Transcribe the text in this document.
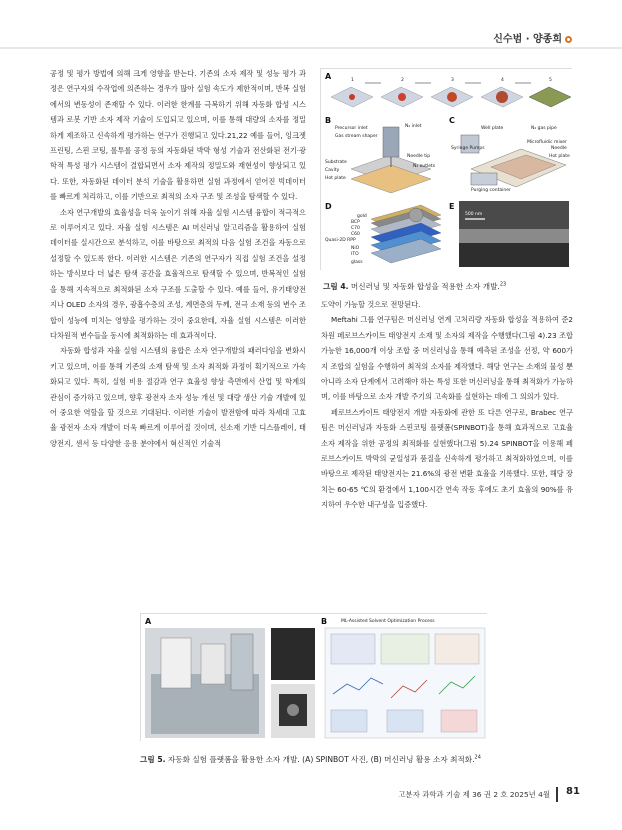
신수범 · 양종희

공정 및 평가 방법에 의해 크게 영향을 받는다. 기존의 소자 제작 및 성능 평가 과정은 연구자의 수작업에 의존하는 경우가 많아 실험 속도가 제한적이며, 반복 실험에서의 변동성이 존재할 수 있다. 이러한 한계를 극복하기 위해 자동화 합성 시스템과 로봇 기반 소자 제작 기술이 도입되고 있으며, 이를 통해 대량의 소자를 정밀하게 제조하고 신속하게 평가하는 연구가 진행되고 있다.21,22 예를 들어, 잉크젯 프린팅, 스핀 코팅, 롤투롤 공정 등의 자동화된 박막 형성 기술과 전산화된 전기·광학적 특성 평가 시스템이 결합되면서 소자 제작의 정밀도와 재현성이 향상되고 있다. 또한, 자동화된 데이터 분석 기술을 활용하면 실험 과정에서 얻어진 빅데이터를 빠르게 처리하고, 이를 기반으로 최적의 소자 구조 및 조성을 탐색할 수 있다.

소자 연구개발의 효율성을 더욱 높이기 위해 자율 실험 시스템 융합이 적극적으로 이루어지고 있다. 자율 실험 시스템은 AI 머신러닝 알고리즘을 활용하여 실험 데이터를 실시간으로 분석하고, 이를 바탕으로 최적의 다음 실험 조건을 자동으로 설정할 수 있도록 한다. 이러한 시스템은 기존의 연구자가 직접 실험 조건을 설정하는 방식보다 더 넓은 탐색 공간을 효율적으로 탐색할 수 있으며, 반복적인 실험을 통해 지속적으로 최적화된 소자 구조를 도출할 수 있다. 예를 들어, 유기태양전지나 OLED 소자의 경우, 광흡수층의 조성, 계면층의 두께, 전극 소재 등의 변수 조합이 성능에 미치는 영향을 평가하는 것이 중요한데, 자율 실험 시스템은 이러한 다차원적 변수들을 동시에 최적화하는 데 효과적이다.

자동화 합성과 자율 실험 시스템의 융합은 소자 연구개발의 패러다임을 변화시키고 있으며, 이를 통해 기존의 소재 탐색 및 소자 최적화 과정이 획기적으로 가속화되고 있다. 특히, 실험 비용 절감과 연구 효율성 향상 측면에서 산업 및 학계의 관심이 증가하고 있으며, 향후 광전자 소자 성능 개선 및 대량 생산 기술 개발에 있어 중요한 역할을 할 것으로 기대된다. 이러한 기술이 발전함에 따라 차세대 고효율 광전자 소자 개발이 더욱 빠르게 이루어질 것이며, 신소재 기반 디스플레이, 태양전지, 센서 등 다양한 응용 분야에서 혁신적인 기술적

A	1	2	3	4	5
B
Precursor inlet	N₂ inlet
Gas stream shaper
Substrate
Cavity
Hot plate
Needle tip
N₂ outlets
C
N₂ gas pipe
Well plate
Microfluidic mixer
Syringe Pumps	Needle
Hot plate
Purging container
D
gold
BCP
C70
C60
Quasi-2D RPP
NiO
ITO
glass
E
500 nm
그림 4. 머신러닝 및 자동화 합성을 적용한 소자 개발.$^{23}$

도약이 가능할 것으로 전망된다.

Meftahi 그룹 연구팀은 머신러닝 연계 고처리량 자동화 합성을 적용하여 준2차원 페로브스카이트 태양전지 소재 및 소자의 제작을 수행했다(그림 4).23 조합 가능한 16,000개 이상 조합 중 머신러닝을 통해 예측된 조성을 선정, 약 600가지 조합의 실험을 수행하여 최적의 소자를 제작했다. 해당 연구는 소재의 물성 뿐 아니라 소자 단계에서 고려해야 하는 특성 또한 머신러닝을 통해 최적화가 가능하며, 이를 바탕으로 소자 개발 주기의 고속화를 실현하는 데에 그 의의가 있다.

페로브스카이트 태양전지 개발 자동화에 관한 또 다른 연구로, Brabec 연구팀은 머신러닝과 자동화 스핀코팅 플랫폼(SPINBOT)을 통해 효과적으로 고효율 소자 제작을 위한 공정의 최적화를 실현했다(그림 5).24 SPINBOT을 이용해 페로브스카이트 박막의 균일성과 품질을 신속하게 평가하고 최적화하였으며, 이를 바탕으로 제작된 태양전지는 21.6%의 광전 변환 효율을 기록했다. 또한, 해당 장치는 60-65 ℃의 환경에서 1,100시간 연속 작동 후에도 초기 효율의 90%를 유지하여 우수한 내구성을 입증했다.

A	B	ML-Assisted Solvent Optimization Process
그림 5. 자동화 실험 플랫폼을 활용한 소자 개발. (A) SPINBOT 사진, (B) 머신러닝 활용 소자 최적화.$^{24}$
고분자 과학과 기술 제 36 권 2 호 2025년 4월 81
